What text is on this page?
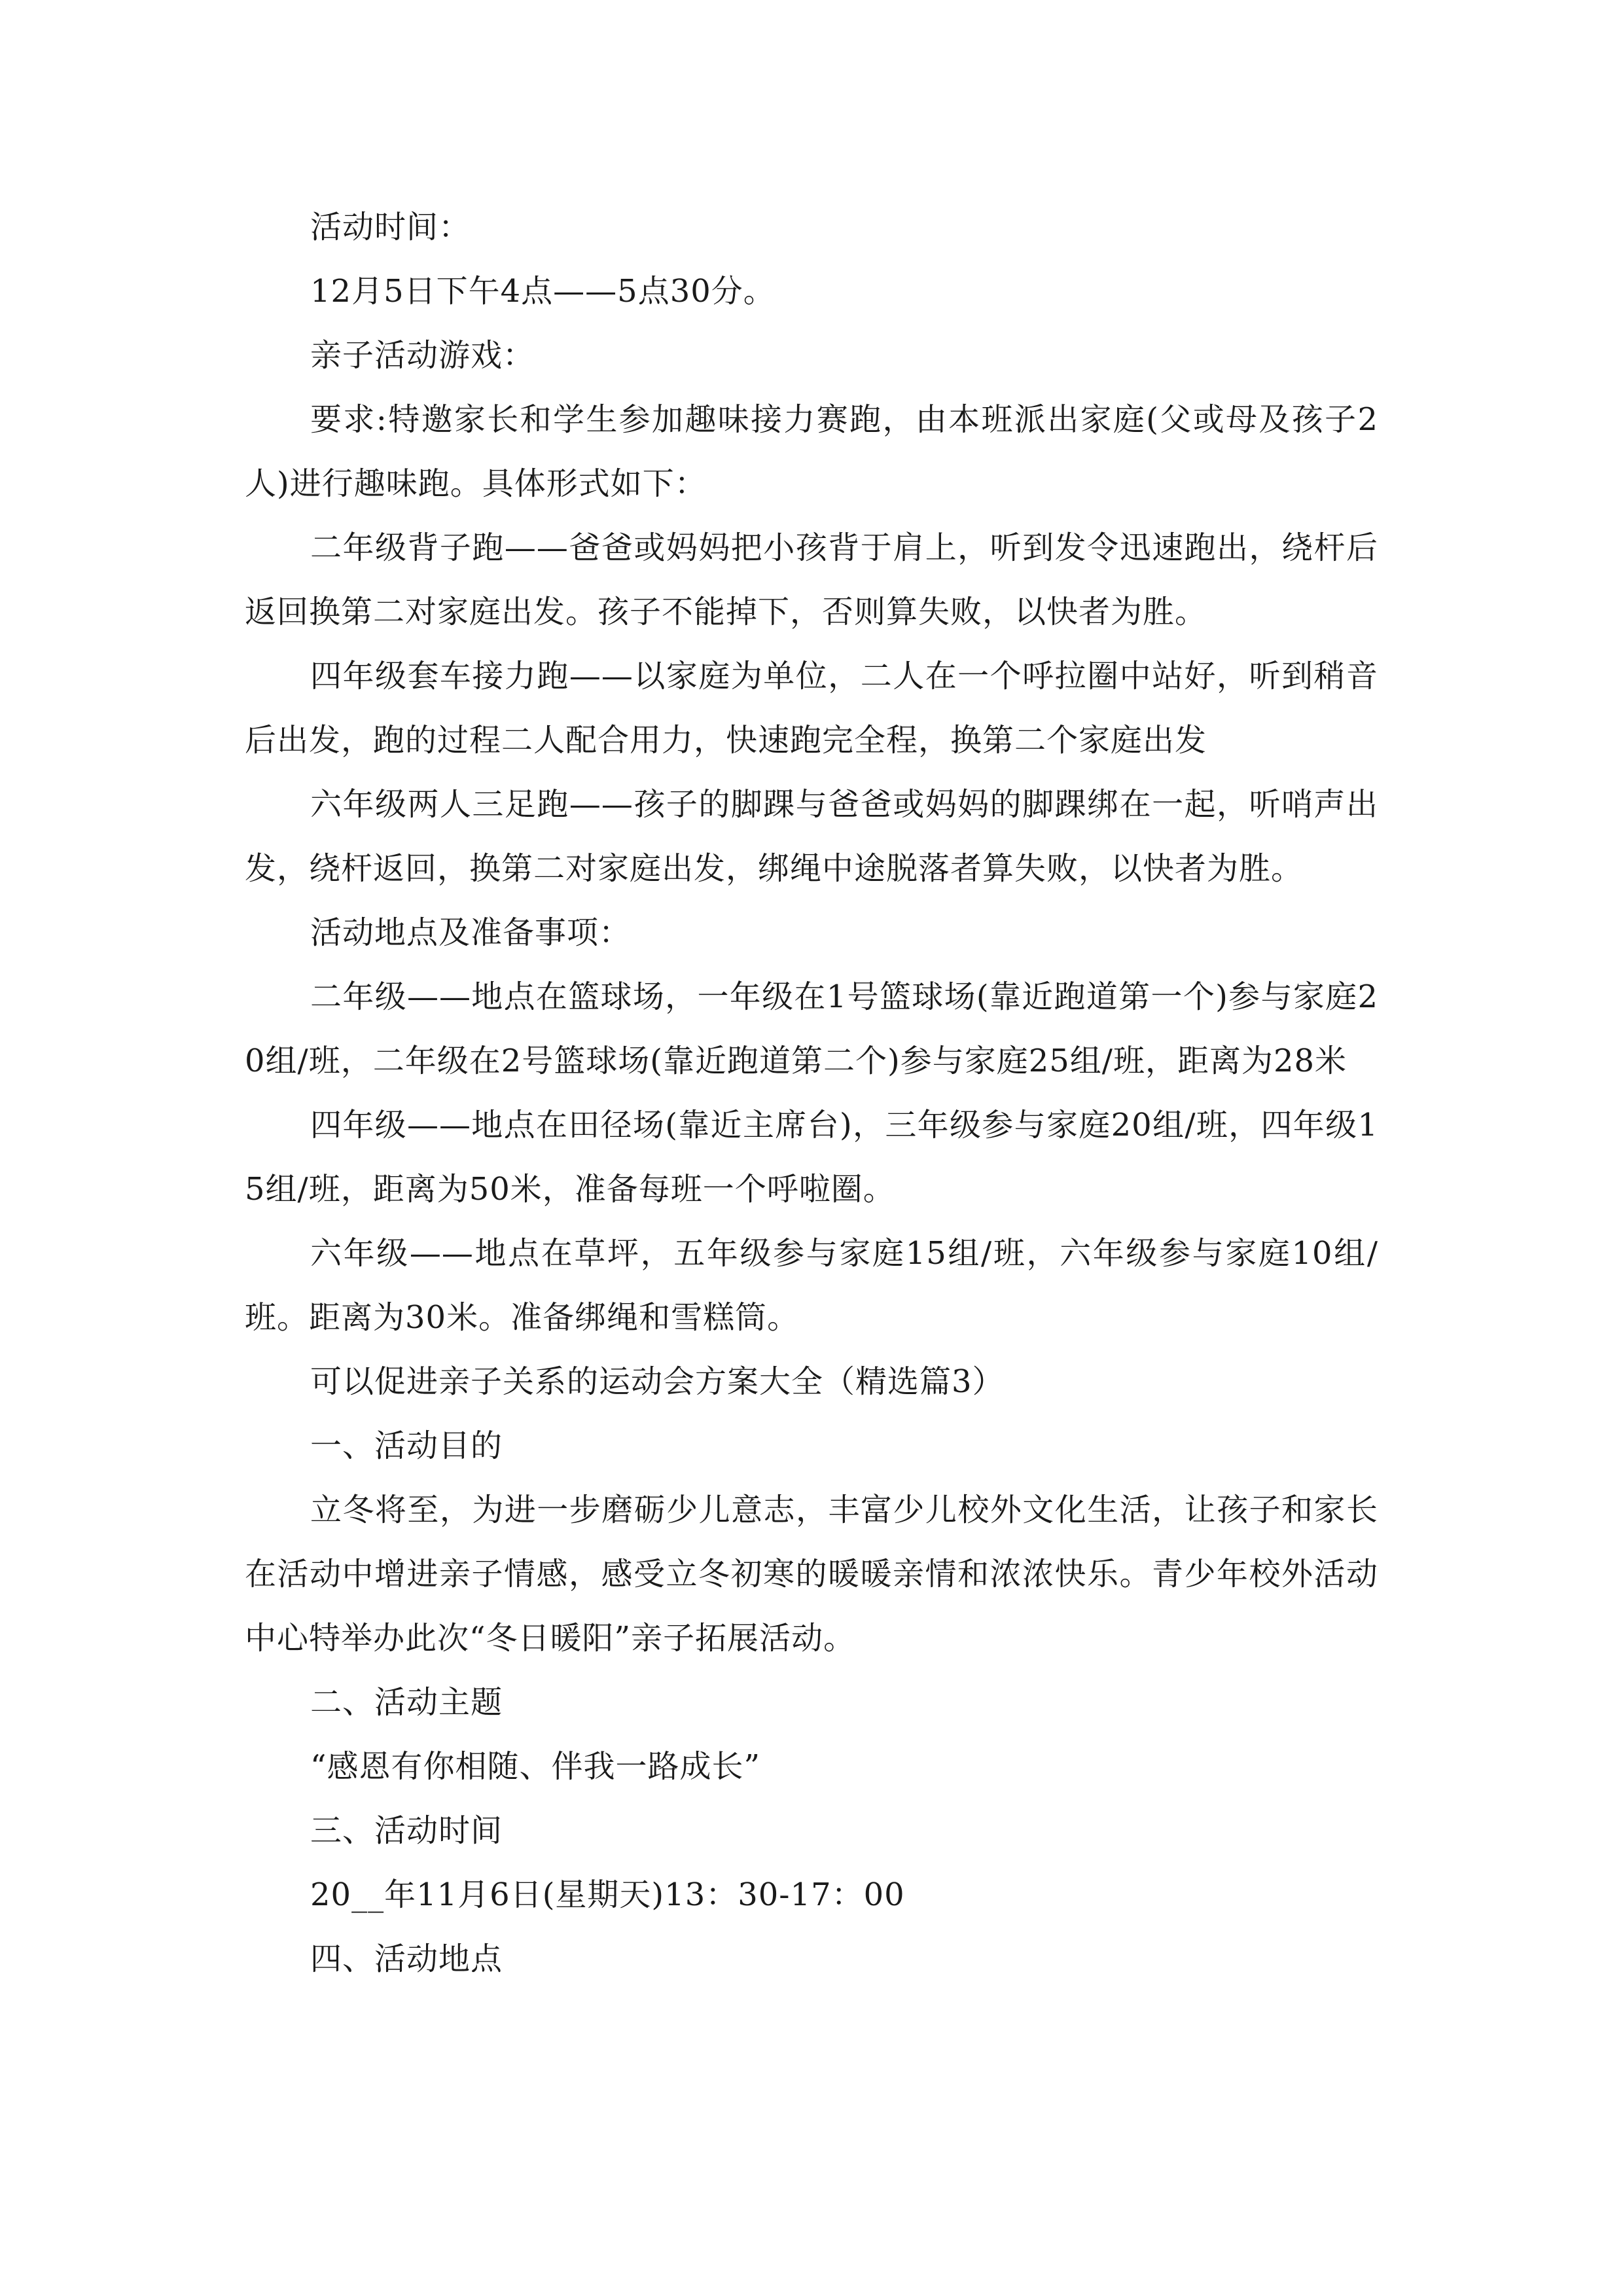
活动时间：

12月5日下午4点——5点30分。

亲子活动游戏：

要求:特邀家长和学生参加趣味接力赛跑，由本班派出家庭(父或母及孩子2人)进行趣味跑。具体形式如下：

二年级背子跑——爸爸或妈妈把小孩背于肩上，听到发令迅速跑出，绕杆后返回换第二对家庭出发。孩子不能掉下，否则算失败，以快者为胜。

四年级套车接力跑——以家庭为单位，二人在一个呼拉圈中站好，听到稍音后出发，跑的过程二人配合用力，快速跑完全程，换第二个家庭出发

六年级两人三足跑——孩子的脚踝与爸爸或妈妈的脚踝绑在一起，听哨声出发，绕杆返回，换第二对家庭出发，绑绳中途脱落者算失败，以快者为胜。

活动地点及准备事项：

二年级——地点在篮球场，一年级在1号篮球场(靠近跑道第一个)参与家庭20组/班，二年级在2号篮球场(靠近跑道第二个)参与家庭25组/班，距离为28米

四年级——地点在田径场(靠近主席台)，三年级参与家庭20组/班，四年级15组/班，距离为50米，准备每班一个呼啦圈。

六年级——地点在草坪，五年级参与家庭15组/班，六年级参与家庭10组/班。距离为30米。准备绑绳和雪糕筒。

可以促进亲子关系的运动会方案大全（精选篇3）

一、活动目的

立冬将至，为进一步磨砺少儿意志，丰富少儿校外文化生活，让孩子和家长在活动中增进亲子情感，感受立冬初寒的暖暖亲情和浓浓快乐。青少年校外活动中心特举办此次“冬日暖阳”亲子拓展活动。

二、活动主题

“感恩有你相随、伴我一路成长”

三、活动时间

20__年11月6日(星期天)13：30-17：00

四、活动地点
